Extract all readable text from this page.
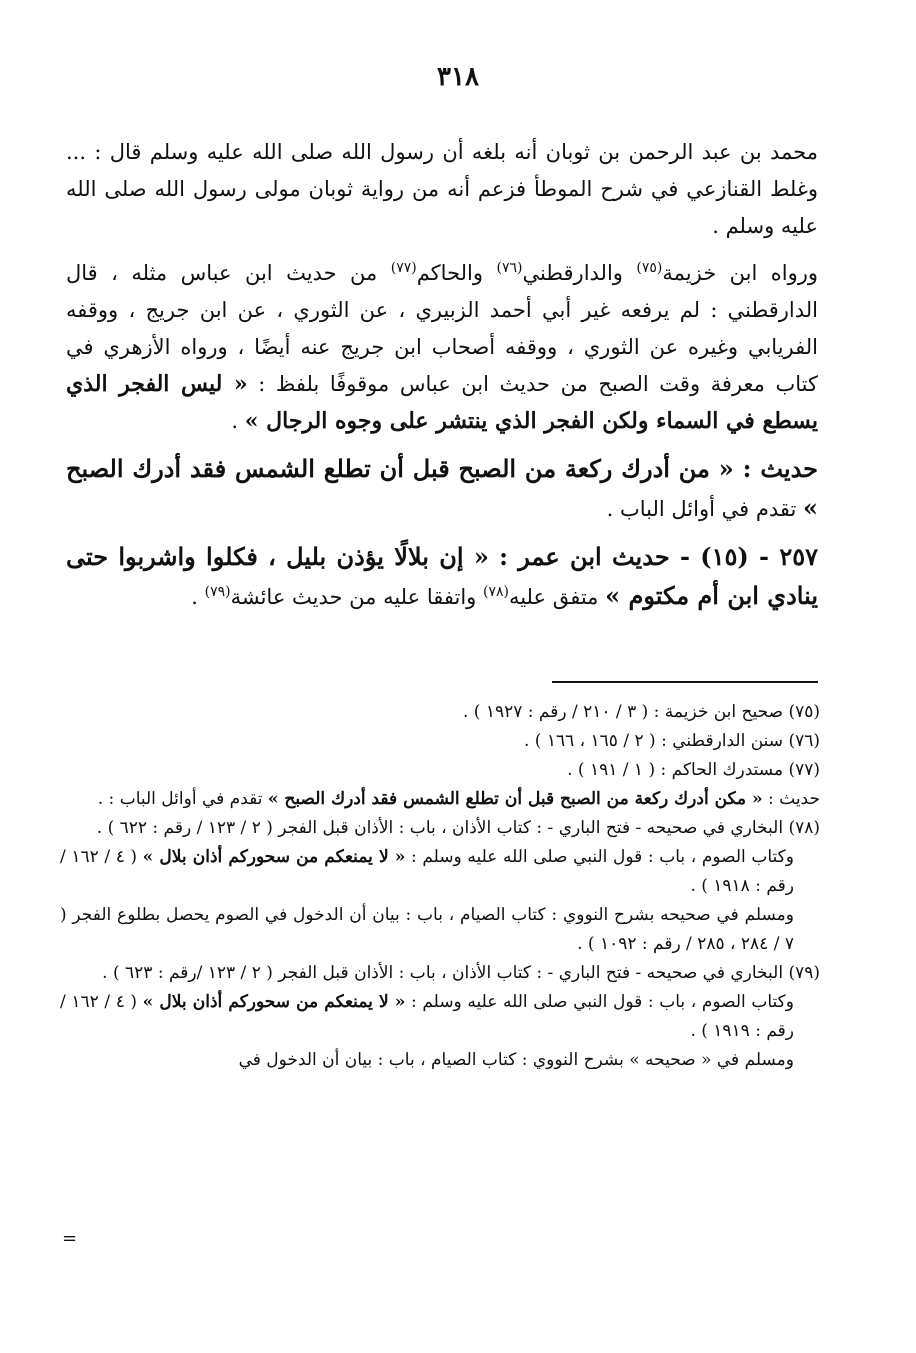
٣١٨

محمد بن عبد الرحمن بن ثوبان أنه بلغه أن رسول الله صلى الله عليه وسلم قال : ... وغلط القنازعي في شرح الموطأ فزعم أنه من رواية ثوبان مولى رسول الله صلى الله عليه وسلم .

ورواه ابن خزيمة$^{(٧٥)}$ والدارقطني$^{(٧٦)}$ والحاكم$^{(٧٧)}$ من حديث ابن عباس مثله ، قال الدارقطني : لم يرفعه غير أبي أحمد الزبيري ، عن الثوري ، عن ابن جريج ، ووقفه الفريابي وغيره عن الثوري ، ووقفه أصحاب ابن جريج عنه أيضًا ، ورواه الأزهري في كتاب معرفة وقت الصبح من حديث ابن عباس موقوفًا بلفظ : « ليس الفجر الذي يسطع في السماء ولكن الفجر الذي ينتشر على وجوه الرجال » .

حديث : « من أدرك ركعة من الصبح قبل أن تطلع الشمس فقد أدرك الصبح » تقدم في أوائل الباب .

٢٥٧ - (١٥) - حديث ابن عمر : « إن بلالًا يؤذن بليل ، فكلوا واشربوا حتى ينادي ابن أم مكتوم » متفق عليه$^{(٧٨)}$ واتفقا عليه من حديث عائشة$^{(٧٩)}$ .

(٧٥) صحيح ابن خزيمة : ( ٣ / ٢١٠ / رقم : ١٩٢٧ ) .

(٧٦) سنن الدارقطني : ( ٢ / ١٦٥ ، ١٦٦ ) .

(٧٧) مستدرك الحاكم : ( ١ / ١٩١ ) .

حديث : « مكن أدرك ركعة من الصبح قبل أن تطلع الشمس فقد أدرك الصبح » تقدم في أوائل الباب : .

(٧٨) البخاري في صحيحه - فتح الباري - : كتاب الأذان ، باب : الأذان قبل الفجر ( ٢ / ١٢٣ / رقم : ٦٢٢ ) .

وكتاب الصوم ، باب : قول النبي صلى الله عليه وسلم : « لا يمنعكم من سحوركم أذان بلال » ( ٤ / ١٦٢ / رقم : ١٩١٨ ) .

ومسلم في صحيحه بشرح النووي : كتاب الصيام ، باب : بيان أن الدخول في الصوم يحصل بطلوع الفجر ( ٧ / ٢٨٤ ، ٢٨٥ / رقم : ١٠٩٢ ) .

(٧٩) البخاري في صحيحه - فتح الباري - : كتاب الأذان ، باب : الأذان قبل الفجر ( ٢ / ١٢٣ /رقم : ٦٢٣ ) .

وكتاب الصوم ، باب : قول النبي صلى الله عليه وسلم : « لا يمنعكم من سحوركم أذان بلال » ( ٤ / ١٦٢ / رقم : ١٩١٩ ) .

ومسلم في « صحيحه » بشرح النووي : كتاب الصيام ، باب : بيان أن الدخول في

=
